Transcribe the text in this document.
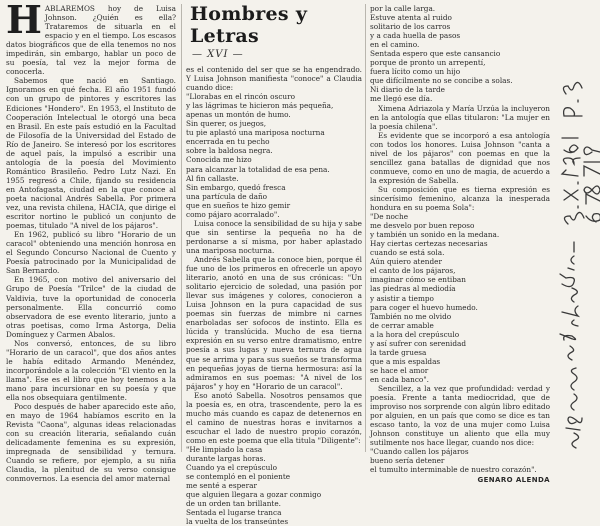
H ABLAREMOS hoy de Luisa Johnson. ¿Quién es ella? Trataremos de situarla en el espacio y en el tiempo. Los escasos datos biográficos que de ella tenemos no nos impedirán, sin embargo, hablar un poco de su poesía, tal vez la mejor forma de conocerla.

Sabemos que nació en Santiago. Ignoramos en qué fecha. El año 1951 fundó con un grupo de pintores y escritores las Ediciones "Hondero". En 1953, el Instituto de Cooperación Intelectual le otorgó una beca en Brasil. En este país estudió en la Facultad de Filosofía de la Universidad del Estado de Río de Janeiro. Se interesó por los escritores de aquel país, la impulsó a escribir una antología de la poesía del Movimiento Romántico Brasileño. Pedro Lutz Nazi. En 1955 regresó a Chile, fijando su residencia en Antofagasta, ciudad en la que conoce al poeta nacional Andrés Sabella. Por primera vez, una revista chilena, HACIA, que dirige el escritor nortino le publicó un conjunto de poemas, titulado "A nivel de los pájaros".

En 1962, publicó su libro "Horario de un caracol" obteniendo una mención honrosa en el Segundo Concurso Nacional de Cuento y Poesía patrocinado por la Municipalidad de San Bernardo.

En 1965, con motivo del aniversario del Grupo de Poesía "Trilce" de la ciudad de Valdivia, tuve la oportunidad de conocerla personalmente. Ella concurrió como observadora de ese evento literario, junto a otras poetisas, como Irma Astorga, Delia Domínguez y Carmen Abalos.

Nos conversó, entonces, de su libro "Horario de un caracol", que dos años antes le había editado Armando Menéndez, incorporándole a la colección "El viento en la llama". Ese es el libro que hoy tenemos a la mano para incursionar en su poesía y que ella nos obsequiara gentilmente.

Poco después de haber aparecido este año, en mayo de 1964 habíamos escrito en la Revista "Caona", algunas ideas relacionadas con su creación literaria, señalando cuán delicadamente femenina es su expresión, impregnada de sensibilidad y ternura. Cuando se refiere, por ejemplo, a su niña Claudia, la plenitud de su verso consigue conmovernos. La esencia del amor maternal

Hombres y Letras
— XVI —

es el contenido del ser que se ha engendrado. Y Luisa Johnson manifiesta "conoce" a Claudia cuando dice:

"Llorabas en el rincón oscuro
y las lágrimas te hicieron más pequeña,
apenas un montón de humo.
Sin querer, os juegos,
tu pie aplastó una mariposa nocturna
encerrada en tu pecho
sobre la baldosa negra.
Conocida me hizo
para alcanzar la totalidad de esa pena.
Al fin callaste.
Sin embargo, quedó fresca
una partícula de daño
que en sueños te hizo gemir
como pájaro acorralado".

Luisa conoce la sensibilidad de su hija y sabe que sin sentirse la pequeña no ha de perdonarse a sí misma, por haber aplastado una mariposa nocturna.

Andrés Sabella que la conoce bien, porque él fue uno de los primeros en ofrecerle un apoyo literario, anotó en una de sus crónicas: "Un solitario ejercicio de soledad, una pasión por llevar sus imágenes y colores, conocieron a Luisa Johnson en la pura capacidad de sus poemas sin fuerzas de mimbre ni carnes enarboladas ser sofocos de instinto. Ella es lúcida y translúcida. Mucho de esa tierna expresión en su verso entre dramatismo, entre poesía a sus lugas y nueva ternura de agua que se arrima y para sus sueños se transforma en pequeñas joyas de tierna hermosura: así la admiramos en sus poemas: "A nivel de los pájaros" y hoy en "Horario de un caracol".

Eso anotó Sabella. Nosotros pensamos que la poesía es, en otra, trascendente, pero la es mucho más cuando es capaz de detenernos en el camino de nuestras horas e invitarnos a escuchar el lado de nuestro propio corazón, como en este poema que ella titula "Diligente":

"He limpiado la casa
durante largas horas.
Cuando ya el crepúsculo
se contempló en el poniente
me senté a esperar
que alguien llegara a gozar conmigo
de un orden tan brillante.
Sentada el lugarse tranca
la vuelta de los transeúntes
por la calle larga.
Estuve atenta al ruido
solitario de los carros
y a cada huella de pasos
en el camino.
Sentada espero que este cansancio
porque de pronto un arrepentí,
fuera lícito como un hijo
que difícilmente no se concibe a solas.
Ni diario de la tarde
me llegó ese día.

Ximena Adriazola y María Urzúa la incluyeron en la antología que ellas titularon: "La mujer en la poesía chilena".

Es evidente que se incorporó a esa antología con todos los honores. Luisa Johnson "canta a nivel de los pájaros" con poemas en que la sencillez gana batallas de dignidad que nos conmueve, como en uno de magia, de acuerdo a la expresión de Sabella.

Su composición que es tierna expresión es sincerísimo femenino, alcanza la inesperada hondura en su poema Sola":

"De noche
me desvelo por buen reposo
y también un sonido en la medana.
Hay ciertas certezas necesarias
cuando se está sola.
Aún quiero atender
el canto de los pájaros,
imaginar cómo se entiban
las piedras al mediodía
y asistir a tiempo
para coger el huevo humedo.
También no me olvido
de cerrar amable
a la hora del crepúsculo
y así sufrer con serenidad
la tarde gruesa
que a mis espaldas
se hace el amor
en cada banco".

Sencillez, a la vez que profundidad: verdad y poesía. Frente a tanta mediocridad, que de improviso nos sorprende con algún libro editado por alguien, en un país que como se dice es tan escaso tanto, la voz de una mujer como Luisa Johnson constituye un aliento que ella muy sutilmente nos hace llegar, cuando nos dice:

"Cuando callen los pájaros
bueno sería detener
el tumulto interminable de nuestro corazón".
GENARO ALENDA
